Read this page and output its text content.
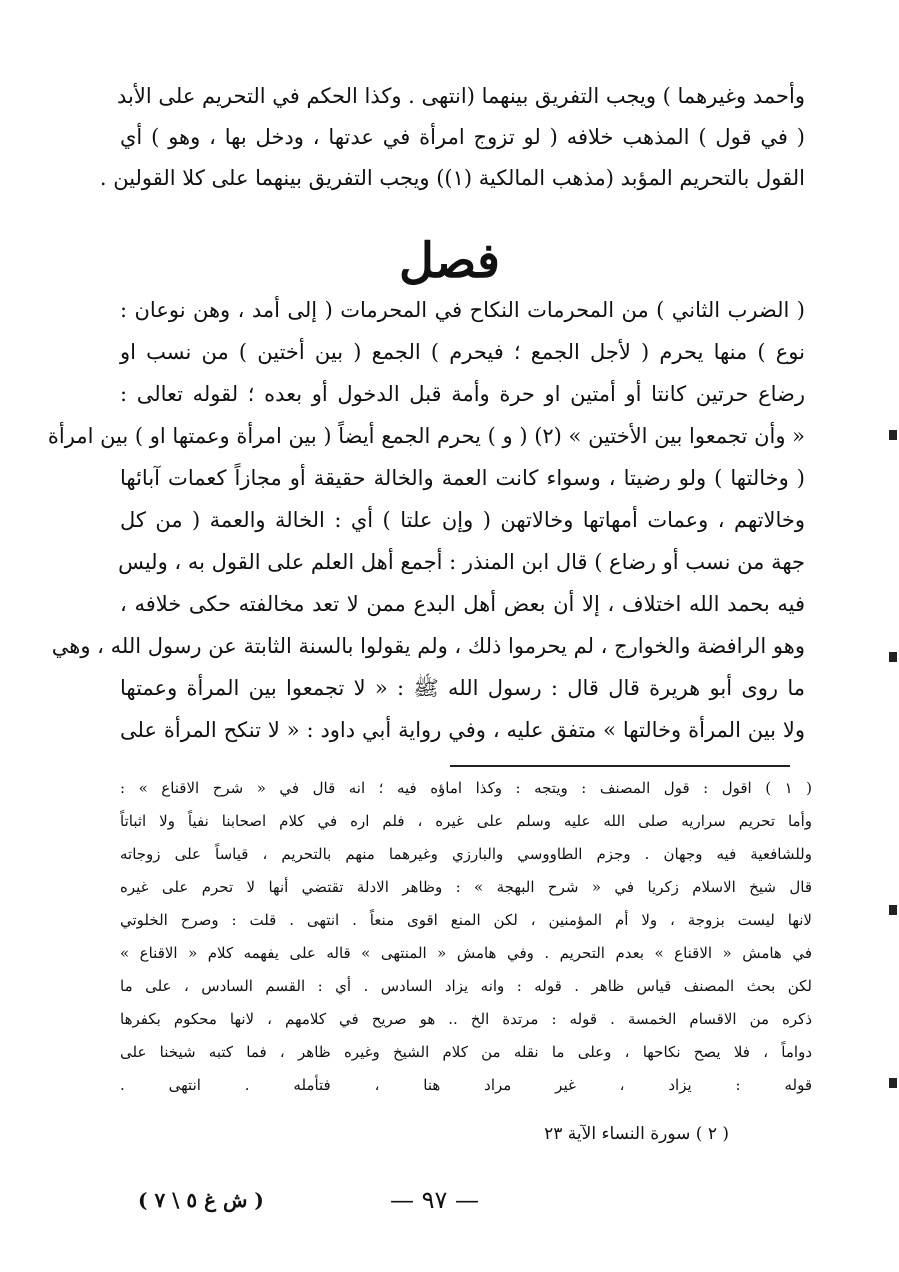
وأحمد وغيرهما ) ويجب التفريق بينهما (انتهى . وكذا الحكم في التحريم على الأبد
( في قول ) المذهب خلافه ( لو تزوج امرأة في عدتها ، ودخل بها ، وهو ) أي
القول بالتحريم المؤبد (مذهب المالكية (١)) ويجب التفريق بينهما على كلا القولين .
فصل
( الضرب الثاني ) من المحرمات النكاح في المحرمات ( إلى أمد ، وهن نوعان :
نوع ) منها يحرم ( لأجل الجمع ؛ فيحرم ) الجمع ( بين أختين ) من نسب او
رضاع حرتين كانتا أو أمتين او حرة وأمة قبل الدخول أو بعده ؛ لقوله تعالى :
« وأن تجمعوا بين الأختين » (٢) ( و ) يحرم الجمع أيضاً ( بين امرأة وعمتها او ) بين امرأة
( وخالتها ) ولو رضيتا ، وسواء كانت العمة والخالة حقيقة أو مجازاً كعمات آبائها
وخالاتهم ، وعمات أمهاتها وخالاتهن ( وإن علتا ) أي : الخالة والعمة ( من كل
جهة من نسب أو رضاع ) قال ابن المنذر : أجمع أهل العلم على القول به ، وليس
فيه بحمد الله اختلاف ، إلا أن بعض أهل البدع ممن لا تعد مخالفته حكى خلافه ،
وهو الرافضة والخوارج ، لم يحرموا ذلك ، ولم يقولوا بالسنة الثابتة عن رسول الله ، وهي
ما روى أبو هريرة قال قال : رسول الله ﷺ : « لا تجمعوا بين المرأة وعمتها
ولا بين المرأة وخالتها » متفق عليه ، وفي رواية أبي داود : « لا تنكح المرأة على
( ١ ) اقول : قول المصنف : ويتجه : وكذا اماؤه فيه ؛ انه قال في « شرح الاقناع » :
وأما تحريم سراريه صلى الله عليه وسلم على غيره ، فلم اره في كلام اصحابنا نفياً ولا اثباتاً
وللشافعية فيه وجهان . وجزم الطاووسي والبارزي وغيرهما منهم بالتحريم ، قياساً على زوجاته
قال شيخ الاسلام زكريا في « شرح البهجة » : وظاهر الادلة تقتضي أنها لا تحرم على غيره
لانها ليست بزوجة ، ولا أم المؤمنين ، لكن المنع اقوى منعاً . انتهى . قلت : وصرح الخلوتي
في هامش « الاقناع » بعدم التحريم . وفي هامش « المنتهى » قاله على يفهمه كلام « الاقناع »
لكن بحث المصنف قياس ظاهر . قوله : وانه يزاد السادس . أي : القسم السادس ، على ما
ذكره من الاقسام الخمسة . قوله : مرتدة الخ .. هو صريح في كلامهم ، لانها محكوم بكفرها
دواماً ، فلا يصح نكاحها ، وعلى ما نقله من كلام الشيخ وغيره ظاهر ، فما كتبه شيخنا على
قوله : يزاد ، غير مراد هنا ، فتأمله . انتهى .
( ٢ ) سورة النساء الآية ٢٣
— ٩٧ —
( ش غ ٥ \ ٧ )
